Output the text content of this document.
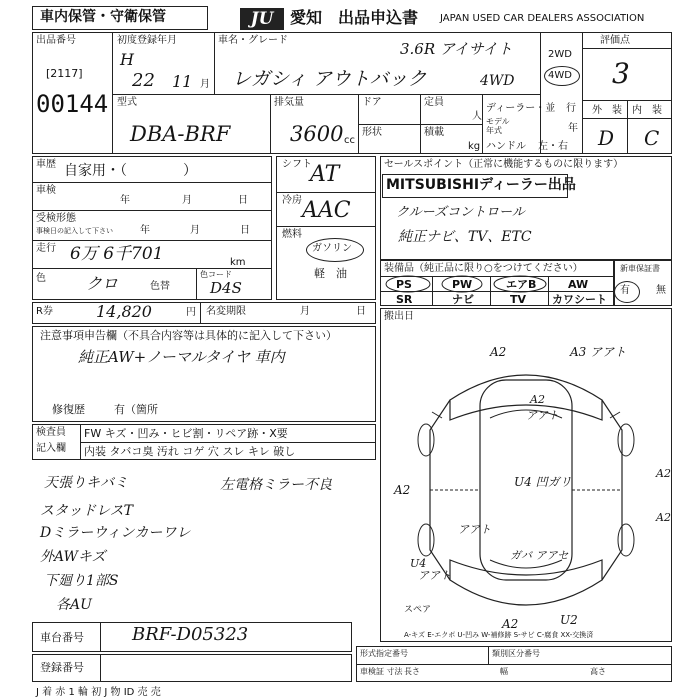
車内保管・守衛保管	JU	愛知 出品申込書 JAPAN USED CAR DEALERS ASSOCIATION
出品番号
[2117]
00144
初度登録年月
H
22 11 月
車名・グレード	3.6R アイサイト
レガシィ アウトバック	4WD
2WD
4WD
評価点
3
外　装 内　装
D C
型式
DBA-BRF
排気量
3600 cc
ドア	定員
人
形状	積載
kg
ディーラー・並 行
モデル
年式	年
ハンドル 左・右
車歴 自家用・（　　　　）
車検
年	月	日
受検形態
事検日の記入して下さい	年	月	日
走行 6万 6千701	km
色	クロ	色替
色コード
D4S
シフト
AT
冷房 AAC
燃料
ガソリン
軽　油
セールスポイント（正常に機能するものに限ります）
MITSUBISHIディーラー出品
クルーズコントロール
純正ナビ、TV、ETC
装備品（純正品に限り○をつけてください）
PS	PW	エアB	AW
SR	ナビ	TV カワシート
新車保証書
有	無
R券	14,820	円 名変期限	月	日
注意事項申告欄（不具合内容等は具体的に記入して下さい）
純正AW+ノーマルタイヤ 車内
修復歴	有（箇所
検査員
記入欄
FW キズ・凹み・ヒビ割・リペア跡・X要
内装 タバコ臭 汚れ コゲ 穴 スレ キレ 破し
天張りキバミ	左電格ミラー不良
スタッドレスT
Dミラーウィンカーワレ
外AWキズ
下廻り1部S
各AU
搬出日
A2	A3 アアト
A2
アアト
A2
U4 凹ガリ
A2
アアト
A2
U4
アアト
ガバ アアセ
A2	U2
スペア
A-キズ E-エクボ U-凹み W-補修跡 S-サビ C-腐食 XX-交換済
車台番号	BRF-D05323
登録番号
形式指定番号	類別区分番号
車検証 寸法 長さ	幅	高さ
J 着 赤 1 輪 初 J 物 ID 売 売
